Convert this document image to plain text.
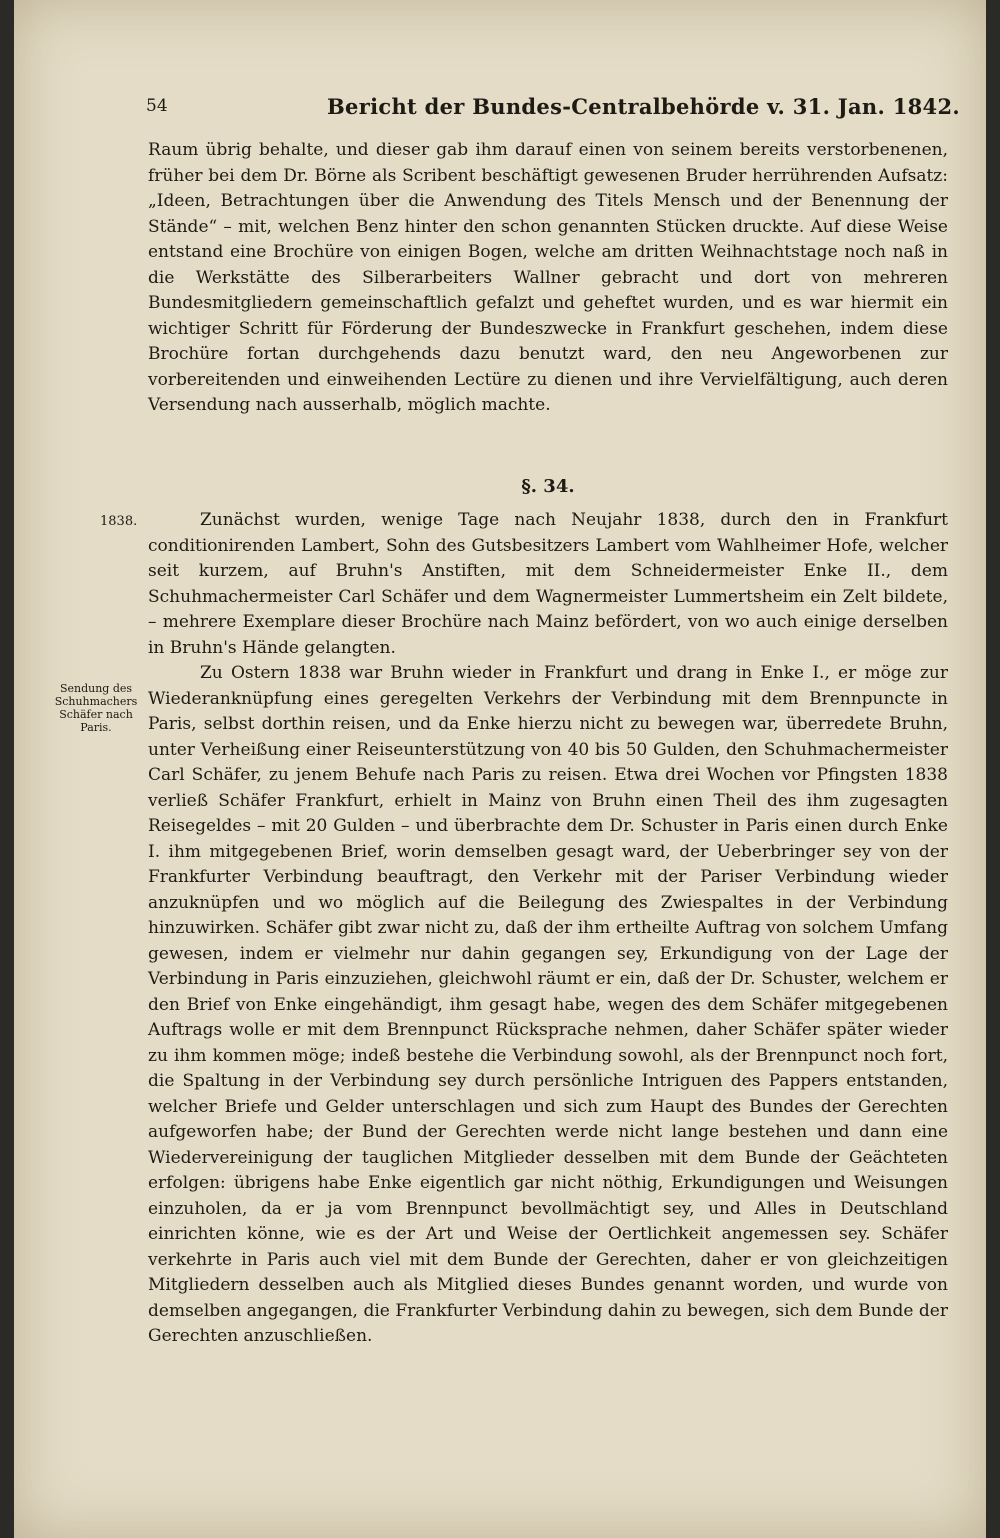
54	Bericht der Bundes-Centralbehörde v. 31. Jan. 1842.

Raum übrig behalte, und dieser gab ihm darauf einen von seinem bereits verstorbenenen, früher bei dem Dr. Börne als Scribent beschäftigt gewesenen Bruder herrührenden Aufsatz: „Ideen, Betrachtungen über die Anwendung des Titels Mensch und der Benennung der Stände“ – mit, welchen Benz hinter den schon genannten Stücken druckte. Auf diese Weise entstand eine Brochüre von einigen Bogen, welche am dritten Weihnachtstage noch naß in die Werkstätte des Silberarbeiters Wallner gebracht und dort von mehreren Bundesmitgliedern gemeinschaftlich gefalzt und geheftet wurden, und es war hiermit ein wichtiger Schritt für Förderung der Bundeszwecke in Frankfurt geschehen, indem diese Brochüre fortan durchgehends dazu benutzt ward, den neu Angeworbenen zur vorbereitenden und einweihenden Lectüre zu dienen und ihre Vervielfältigung, auch deren Versendung nach ausserhalb, möglich machte.

§. 34.
1838.
Sendung des Schuhmachers Schäfer nach Paris.

Zunächst wurden, wenige Tage nach Neujahr 1838, durch den in Frankfurt conditionirenden Lambert, Sohn des Gutsbesitzers Lambert vom Wahlheimer Hofe, welcher seit kurzem, auf Bruhn's Anstiften, mit dem Schneidermeister Enke II., dem Schuhmachermeister Carl Schäfer und dem Wagnermeister Lummertsheim ein Zelt bildete, – mehrere Exemplare dieser Brochüre nach Mainz befördert, von wo auch einige derselben in Bruhn's Hände gelangten.

Zu Ostern 1838 war Bruhn wieder in Frankfurt und drang in Enke I., er möge zur Wiederanknüpfung eines geregelten Verkehrs der Verbindung mit dem Brennpuncte in Paris, selbst dorthin reisen, und da Enke hierzu nicht zu bewegen war, überredete Bruhn, unter Verheißung einer Reiseunterstützung von 40 bis 50 Gulden, den Schuhmachermeister Carl Schäfer, zu jenem Behufe nach Paris zu reisen. Etwa drei Wochen vor Pfingsten 1838 verließ Schäfer Frankfurt, erhielt in Mainz von Bruhn einen Theil des ihm zugesagten Reisegeldes – mit 20 Gulden – und überbrachte dem Dr. Schuster in Paris einen durch Enke I. ihm mitgegebenen Brief, worin demselben gesagt ward, der Ueberbringer sey von der Frankfurter Verbindung beauftragt, den Verkehr mit der Pariser Verbindung wieder anzuknüpfen und wo möglich auf die Beilegung des Zwiespaltes in der Verbindung hinzuwirken. Schäfer gibt zwar nicht zu, daß der ihm ertheilte Auftrag von solchem Umfang gewesen, indem er vielmehr nur dahin gegangen sey, Erkundigung von der Lage der Verbindung in Paris einzuziehen, gleichwohl räumt er ein, daß der Dr. Schuster, welchem er den Brief von Enke eingehändigt, ihm gesagt habe, wegen des dem Schäfer mitgegebenen Auftrags wolle er mit dem Brennpunct Rücksprache nehmen, daher Schäfer später wieder zu ihm kommen möge; indeß bestehe die Verbindung sowohl, als der Brennpunct noch fort, die Spaltung in der Verbindung sey durch persönliche Intriguen des Pappers entstanden, welcher Briefe und Gelder unterschlagen und sich zum Haupt des Bundes der Gerechten aufgeworfen habe; der Bund der Gerechten werde nicht lange bestehen und dann eine Wiedervereinigung der tauglichen Mitglieder desselben mit dem Bunde der Geächteten erfolgen: übrigens habe Enke eigentlich gar nicht nöthig, Erkundigungen und Weisungen einzuholen, da er ja vom Brennpunct bevollmächtigt sey, und Alles in Deutschland einrichten könne, wie es der Art und Weise der Oertlichkeit angemessen sey. Schäfer verkehrte in Paris auch viel mit dem Bunde der Gerechten, daher er von gleichzeitigen Mitgliedern desselben auch als Mitglied dieses Bundes genannt worden, und wurde von demselben angegangen, die Frankfurter Verbindung dahin zu bewegen, sich dem Bunde der Gerechten anzuschließen.
